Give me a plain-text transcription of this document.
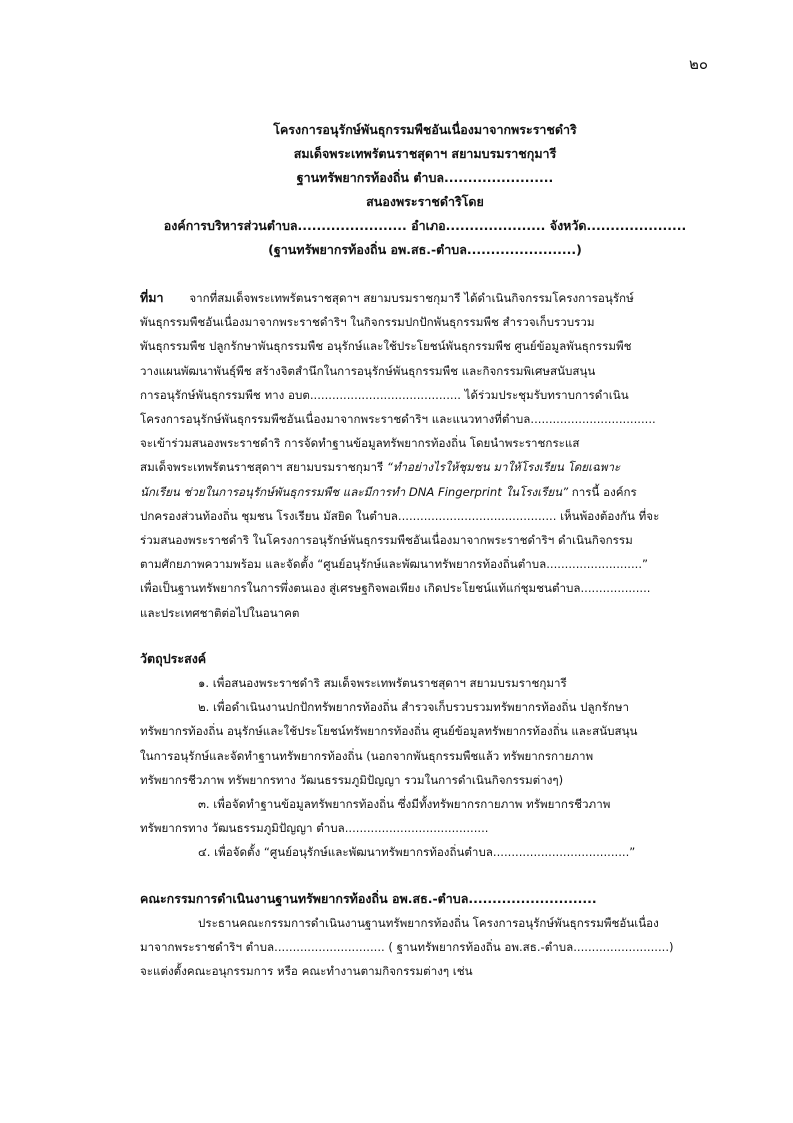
๒๐
โครงการอนุรักษ์พันธุกรรมพืชอันเนื่องมาจากพระราชดำริ
สมเด็จพระเทพรัตนราชสุดาฯ สยามบรมราชกุมารี
ฐานทรัพยากรท้องถิ่น ตำบล.......................
สนองพระราชดำริโดย
องค์การบริหารส่วนตำบล....................... อำเภอ..................... จังหวัด.....................
(ฐานทรัพยากรท้องถิ่น อพ.สธ.-ตำบล.......................)
ที่มา จากที่สมเด็จพระเทพรัตนราชสุดาฯ สยามบรมราชกุมารี ได้ดำเนินกิจกรรมโครงการอนุรักษ์
พันธุกรรมพืชอันเนื่องมาจากพระราชดำริฯ ในกิจกรรมปกปักพันธุกรรมพืช สำรวจเก็บรวบรวม
พันธุกรรมพืช ปลูกรักษาพันธุกรรมพืช อนุรักษ์และใช้ประโยชน์พันธุกรรมพืช ศูนย์ข้อมูลพันธุกรรมพืช
วางแผนพัฒนาพันธุ์พืช สร้างจิตสำนึกในการอนุรักษ์พันธุกรรมพืช และกิจกรรมพิเศษสนับสนุน
การอนุรักษ์พันธุกรรมพืช ทาง อบต......................................... ได้ร่วมประชุมรับทราบการดำเนิน
โครงการอนุรักษ์พันธุกรรมพืชอันเนื่องมาจากพระราชดำริฯ และแนวทางที่ตำบล..................................
จะเข้าร่วมสนองพระราชดำริ การจัดทำฐานข้อมูลทรัพยากรท้องถิ่น โดยนำพระราชกระแส
สมเด็จพระเทพรัตนราชสุดาฯ สยามบรมราชกุมารี “ทำอย่างไรให้ชุมชน มาให้โรงเรียน โดยเฉพาะ
นักเรียน ช่วยในการอนุรักษ์พันธุกรรมพืช และมีการทำ DNA Fingerprint ในโรงเรียน” การนี้ องค์กร
ปกครองส่วนท้องถิ่น ชุมชน โรงเรียน มัสยิด ในตำบล........................................... เห็นพ้องต้องกัน ที่จะ
ร่วมสนองพระราชดำริ ในโครงการอนุรักษ์พันธุกรรมพืชอันเนื่องมาจากพระราชดำริฯ ดำเนินกิจกรรม
ตามศักยภาพความพร้อม และจัดตั้ง “ศูนย์อนุรักษ์และพัฒนาทรัพยากรท้องถิ่นตำบล..........................”
เพื่อเป็นฐานทรัพยากรในการพึ่งตนเอง สู่เศรษฐกิจพอเพียง เกิดประโยชน์แท้แก่ชุมชนตำบล...................
และประเทศชาติต่อไปในอนาคต
วัตถุประสงค์
๑. เพื่อสนองพระราชดำริ สมเด็จพระเทพรัตนราชสุดาฯ สยามบรมราชกุมารี
๒. เพื่อดำเนินงานปกปักทรัพยากรท้องถิ่น สำรวจเก็บรวบรวมทรัพยากรท้องถิ่น ปลูกรักษา
ทรัพยากรท้องถิ่น อนุรักษ์และใช้ประโยชน์ทรัพยากรท้องถิ่น ศูนย์ข้อมูลทรัพยากรท้องถิ่น และสนับสนุน
ในการอนุรักษ์และจัดทำฐานทรัพยากรท้องถิ่น (นอกจากพันธุกรรมพืชแล้ว ทรัพยากรกายภาพ
ทรัพยากรชีวภาพ ทรัพยากรทาง วัฒนธรรมภูมิปัญญา รวมในการดำเนินกิจกรรมต่างๆ)
๓. เพื่อจัดทำฐานข้อมูลทรัพยากรท้องถิ่น ซึ่งมีทั้งทรัพยากรกายภาพ ทรัพยากรชีวภาพ
ทรัพยากรทาง วัฒนธรรมภูมิปัญญา ตำบล.......................................
๔. เพื่อจัดตั้ง “ศูนย์อนุรักษ์และพัฒนาทรัพยากรท้องถิ่นตำบล.....................................”
คณะกรรมการดำเนินงานฐานทรัพยากรท้องถิ่น อพ.สธ.-ตำบล...........................
ประธานคณะกรรมการดำเนินงานฐานทรัพยากรท้องถิ่น โครงการอนุรักษ์พันธุกรรมพืชอันเนื่อง
มาจากพระราชดำริฯ ตำบล.............................. ( ฐานทรัพยากรท้องถิ่น อพ.สธ.-ตำบล..........................)
จะแต่งตั้งคณะอนุกรรมการ หรือ คณะทำงานตามกิจกรรมต่างๆ เช่น
